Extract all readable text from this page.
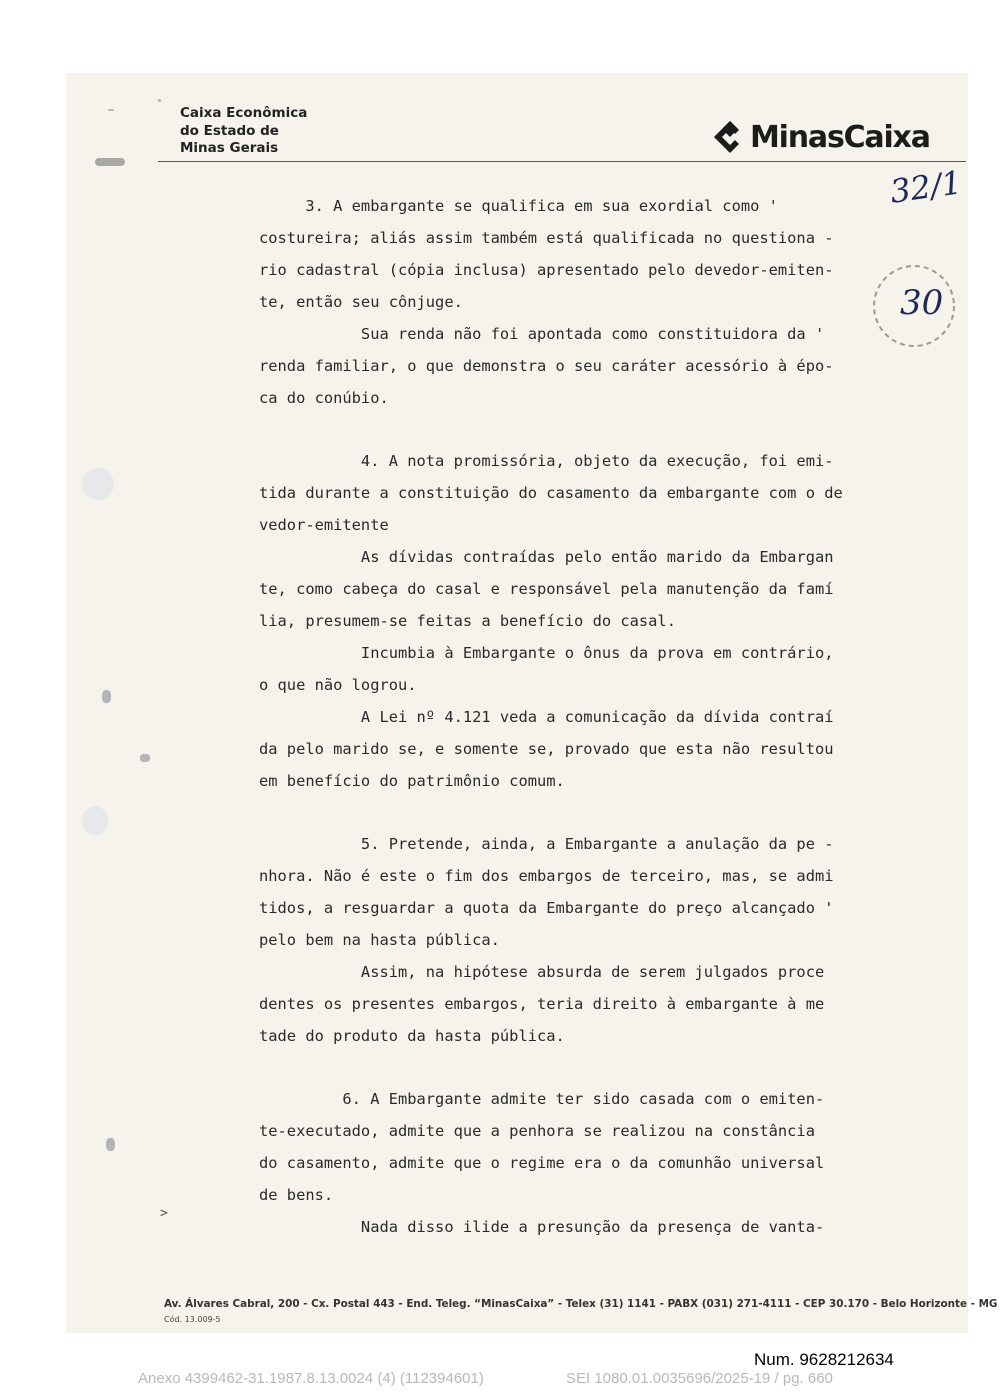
Caixa Econômica
do Estado de
Minas Gerais	MinasCaixa
32/1
30
3. A embargante se qualifica em sua exordial como '
costureira; aliás assim também está qualificada no questiona -
rio cadastral (cópia inclusa) apresentado pelo devedor-emiten-
te, então seu cônjuge.
Sua renda não foi apontada como constituidora da '
renda familiar, o que demonstra o seu caráter acessório à épo-
ca do conúbio.
4. A nota promissória, objeto da execução, foi emi-
tida durante a constituição do casamento da embargante com o de
vedor-emitente
As dívidas contraídas pelo então marido da Embargan
te, como cabeça do casal e responsável pela manutenção da famí
lia, presumem-se feitas a benefício do casal.
Incumbia à Embargante o ônus da prova em contrário,
o que não logrou.
A Lei nº 4.121 veda a comunicação da dívida contraí
da pelo marido se, e somente se, provado que esta não resultou
em benefício do patrimônio comum.
5. Pretende, ainda, a Embargante a anulação da pe -
nhora. Não é este o fim dos embargos de terceiro, mas, se admi
tidos, a resguardar a quota da Embargante do preço alcançado '
pelo bem na hasta pública.
Assim, na hipótese absurda de serem julgados proce
dentes os presentes embargos, teria direito à embargante à me
tade do produto da hasta pública.
6. A Embargante admite ter sido casada com o emiten-
te-executado, admite que a penhora se realizou na constância
do casamento, admite que o regime era o da comunhão universal
de bens.
Nada disso ilide a presunção da presença de vanta-
>
Av. Álvares Cabral, 200 - Cx. Postal 443 - End. Teleg. “MinasCaixa” - Telex (31) 1141 - PABX (031) 271-4111 - CEP 30.170 - Belo Horizonte - MG
Cód. 13.009-5
Num. 9628212634
Anexo 4399462-31.1987.8.13.0024 (4) (112394601)	SEI 1080.01.0035696/2025-19 / pg. 660
